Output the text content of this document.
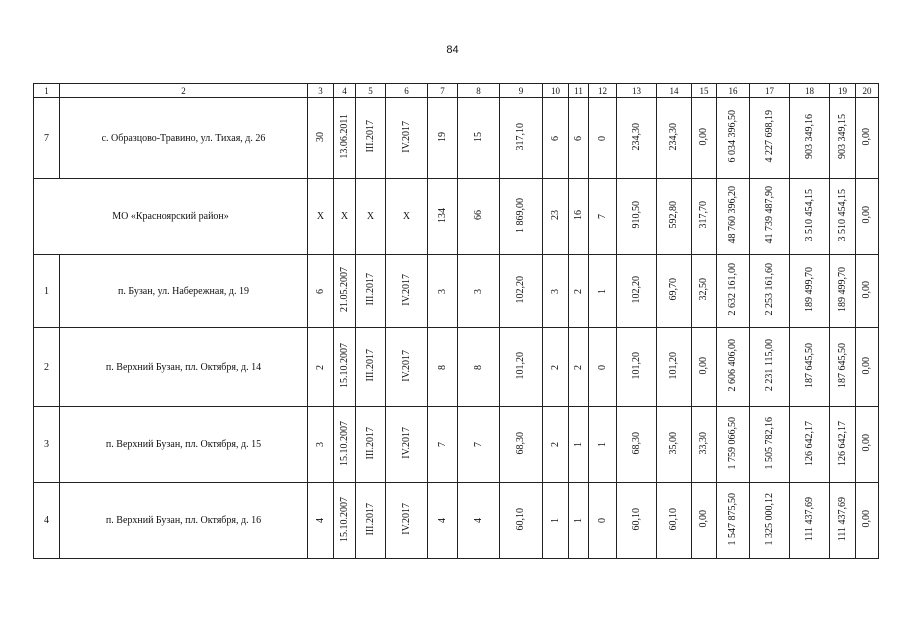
84
1	2	3	4	5	6	7	8	9	10	11	12	13	14	15	16	17	18	19	20
7	с. Образцово-Травино, ул. Тихая, д. 26	30	13.06.2011	III.2017	IV.2017	19	15	317,10	6	6	0	234,30	234,30	0,00	6 034 396,50	4 227 698,19	903 349,16	903 349,15	0,00
МО «Красноярский район»		X	X	X	X	134	66	1 869,00	23	16	7	910,50	592,80	317,70	48 760 396,20	41 739 487,90	3 510 454,15	3 510 454,15	0,00
1	п. Бузан, ул. Набережная, д. 19	6	21.05.2007	III.2017	IV.2017	3	3	102,20	3	2	1	102,20	69,70	32,50	2 632 161,00	2 253 161,60	189 499,70	189 499,70	0,00
2	п. Верхний Бузан, пл. Октября, д. 14	2	15.10.2007	III.2017	IV.2017	8	8	101,20	2	2	0	101,20	101,20	0,00	2 606 406,00	2 231 115,00	187 645,50	187 645,50	0,00
3	п. Верхний Бузан, пл. Октября, д. 15	3	15.10.2007	III.2017	IV.2017	7	7	68,30	2	1	1	68,30	35,00	33,30	1 759 066,50	1 505 782,16	126 642,17	126 642,17	0,00
4	п. Верхний Бузан, пл. Октября, д. 16	4	15.10.2007	III.2017	IV.2017	4	4	60,10	1	1	0	60,10	60,10	0,00	1 547 875,50	1 325 000,12	111 437,69	111 437,69	0,00
